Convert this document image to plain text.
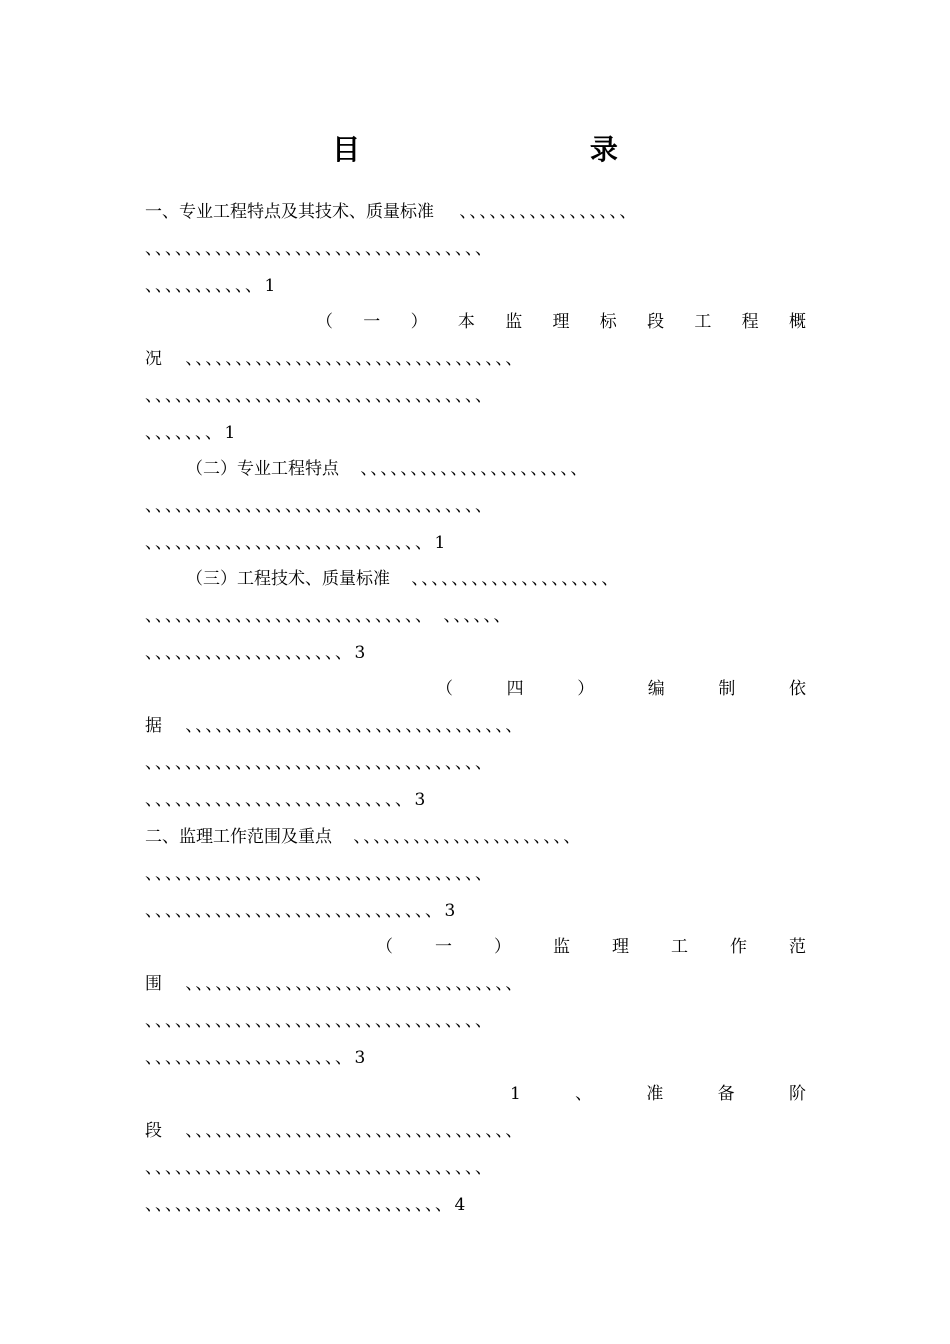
目 录
一、专业工程特点及其技术、质量标准 、、、、、、、、、、、、、、、、、
、、、、、、、、、、、、、、、、、、、、、、、、、、、、、、、、、、
、、、、、、、、、、、1
（ 一 ） 本 监 理 标 段 工 程 概
况 、、、、、、、、、、、、、、、、、、、、、、、、、、、、、、、、、
、、、、、、、、、、、、、、、、、、、、、、、、、、、、、、、、、、
、、、、、、、1
（二）专业工程特点 、、、、、、、、、、、、、、、、、、、、、、
、、、、、、、、、、、、、、、、、、、、、、、、、、、、、、、、、、
、、、、、、、、、、、、、、、、、、、、、、、、、、、、1
（三）工程技术、质量标准 、、、、、、、、、、、、、、、、、、、、
、、、、、、、、、、、、、、、、、、、、、、、、、、、、　、、、、、、
、、、、、、、、、、、、、、、、、、、、3
（	四	）	编	制	依
据 、、、、、、、、、、、、、、、、、、、、、、、、、、、、、、、、、
、、、、、、、、、、、、、、、、、、、、、、、、、、、、、、、、、、
、、、、、、、、、、、、、、、、、、、、、、、、、、3
二、监理工作范围及重点 、、、、、、、、、、、、、、、、、、、、、、
、、、、、、、、、、、、、、、、、、、、、、、、、、、、、、、、、、
、、、、、、、、、、、、、、、、、、、、、、、、、、、、、3
（ 一 ） 监 理 工 作 范
围 、、、、、、、、、、、、、、、、、、、、、、、、、、、、、、、、、
、、、、、、、、、、、、、、、、、、、、、、、、、、、、、、、、、、
、、、、、、、、、、、、、、、、、、、、3
1	、	准	备	阶
段 、、、、、、、、、、、、、、、、、、、、、、、、、、、、、、、、、
、、、、、、、、、、、、、、、、、、、、、、、、、、、、、、、、、、
、、、、、、、、、、、、、、、、、、、、、、、、、、、、、、4
